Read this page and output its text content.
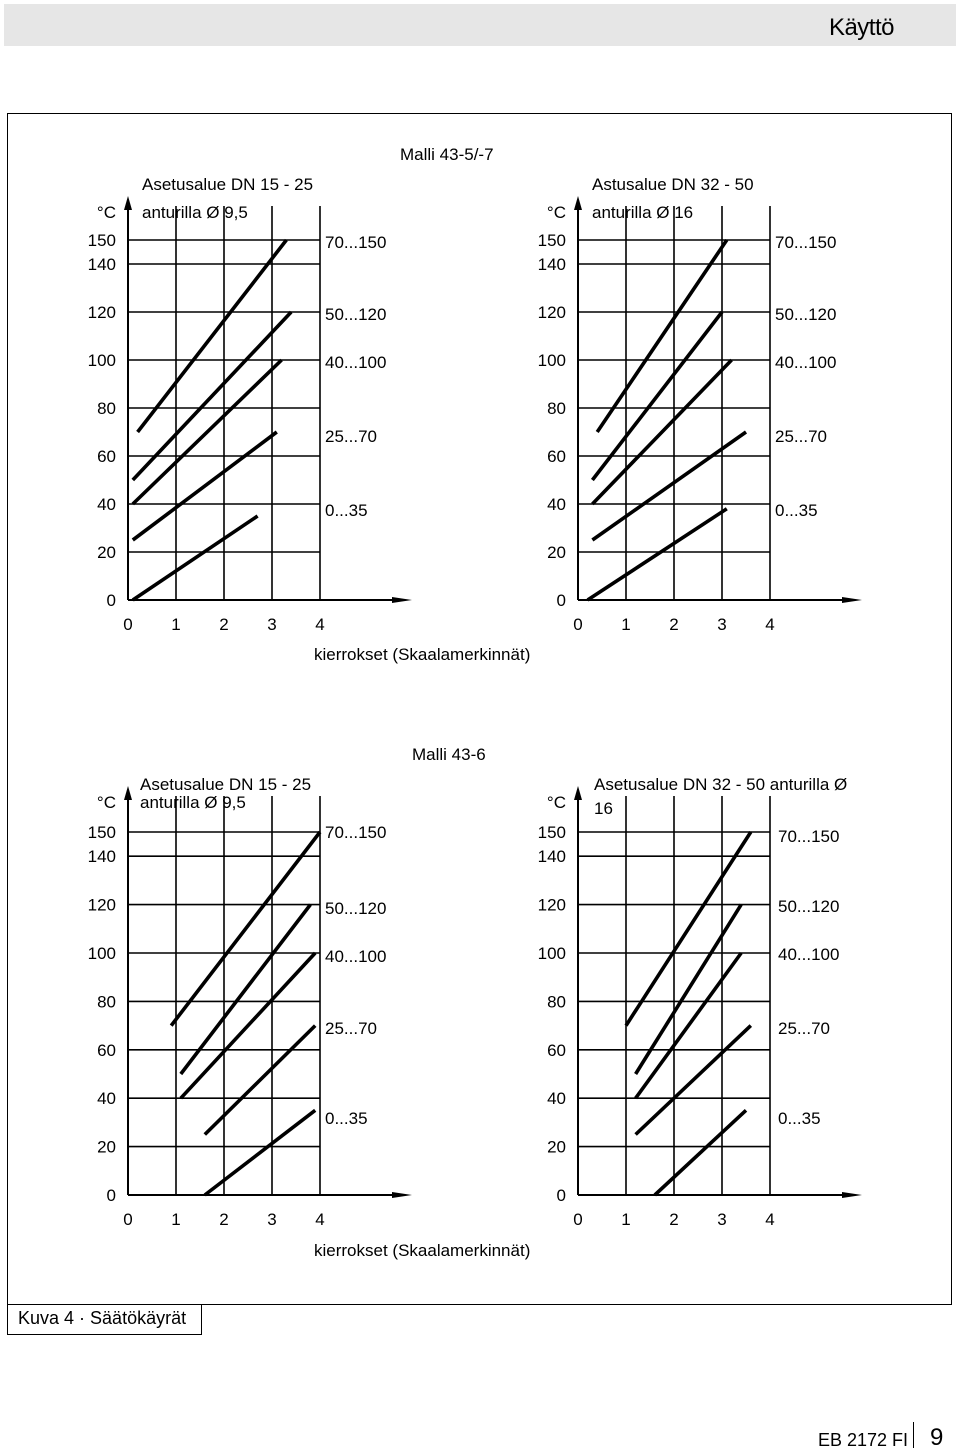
Käyttö
150
140
120
100
80
60
40
20
0
0 1 2 3 4
°C
Asetusalue DN 15 - 25
anturilla Ø 9,5
70...150
50...120
40...100
25...70
0...35
150
140
120
100
80
60
40
20
0
0 1 2 3 4
°C
Astusalue DN 32 - 50
anturilla Ø 16
70...150
50...120
40...100
25...70
0...35
150
140
120
100
80
60
40
20
0
0 1 2 3 4
°C
Asetusalue DN 15 - 25
anturilla Ø 9,5
70...150
50...120
40...100
25...70
0...35
150
140
120
100
80
60
40
20
0
0 1 2 3 4
°C
Asetusalue DN 32 - 50 anturilla Ø
16
70...150
50...120
40...100
25...70
0...35
Malli 43-5/-7
kierrokset (Skaalamerkinnät)
Malli 43-6
kierrokset (Skaalamerkinnät)
Kuva 4 · Säätökäyrät
EB 2172 FI 9
